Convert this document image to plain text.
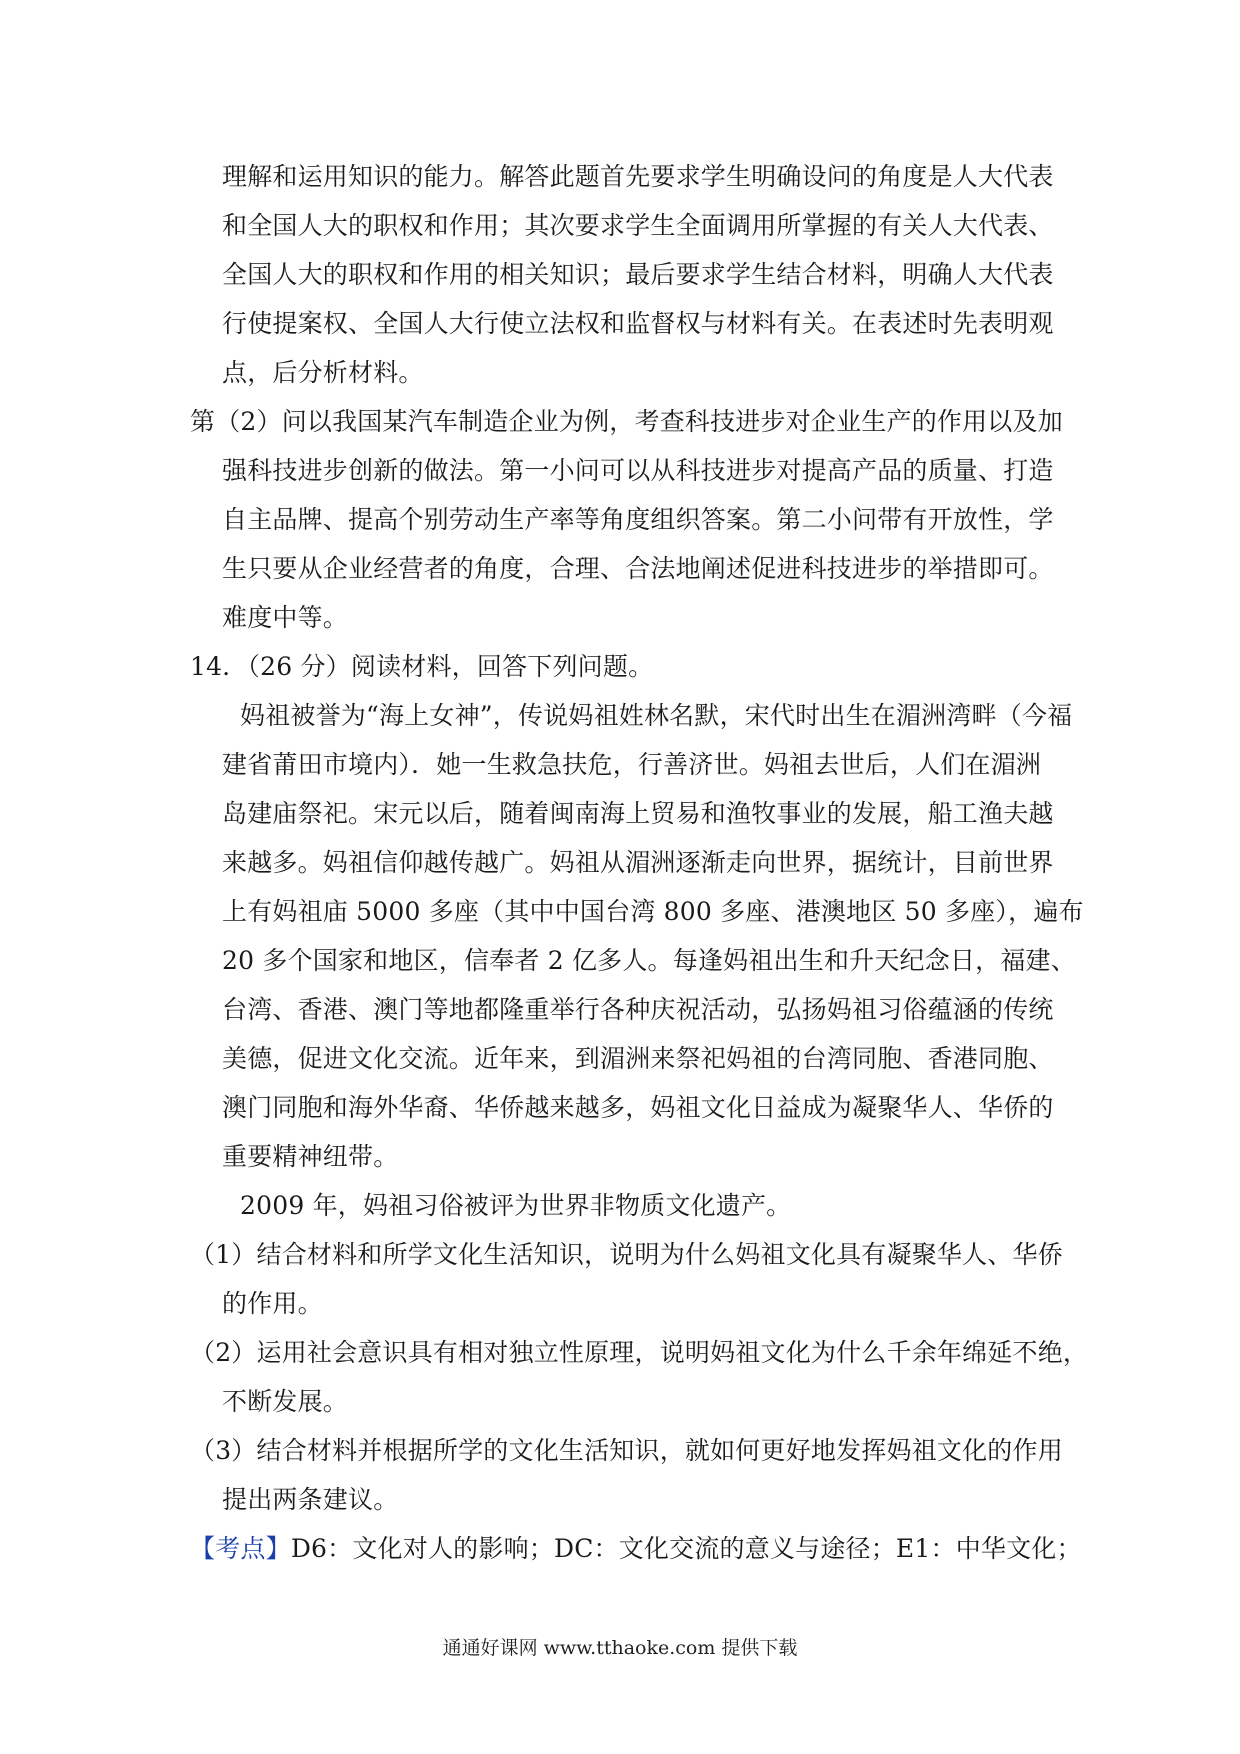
理解和运用知识的能力。解答此题首先要求学生明确设问的角度是人大代表
和全国人大的职权和作用；其次要求学生全面调用所掌握的有关人大代表、
全国人大的职权和作用的相关知识；最后要求学生结合材料，明确人大代表
行使提案权、全国人大行使立法权和监督权与材料有关。在表述时先表明观
点，后分析材料。
第（2）问以我国某汽车制造企业为例，考查科技进步对企业生产的作用以及加
强科技进步创新的做法。第一小问可以从科技进步对提高产品的质量、打造
自主品牌、提高个别劳动生产率等角度组织答案。第二小问带有开放性，学
生只要从企业经营者的角度，合理、合法地阐述促进科技进步的举措即可。
难度中等。
14．（26 分）阅读材料，回答下列问题。
妈祖被誉为“海上女神”，传说妈祖姓林名默，宋代时出生在湄洲湾畔（今福
建省莆田市境内）．她一生救急扶危，行善济世。妈祖去世后，人们在湄洲
岛建庙祭祀。宋元以后，随着闽南海上贸易和渔牧事业的发展，船工渔夫越
来越多。妈祖信仰越传越广。妈祖从湄洲逐渐走向世界，据统计，目前世界
上有妈祖庙 5000 多座（其中中国台湾 800 多座、港澳地区 50 多座），遍布
20 多个国家和地区，信奉者 2 亿多人。每逢妈祖出生和升天纪念日，福建、
台湾、香港、澳门等地都隆重举行各种庆祝活动，弘扬妈祖习俗蕴涵的传统
美德，促进文化交流。近年来，到湄洲来祭祀妈祖的台湾同胞、香港同胞、
澳门同胞和海外华裔、华侨越来越多，妈祖文化日益成为凝聚华人、华侨的
重要精神纽带。
2009 年，妈祖习俗被评为世界非物质文化遗产。
（1）结合材料和所学文化生活知识，说明为什么妈祖文化具有凝聚华人、华侨
的作用。
（2）运用社会意识具有相对独立性原理，说明妈祖文化为什么千余年绵延不绝，
不断发展。
（3）结合材料并根据所学的文化生活知识，就如何更好地发挥妈祖文化的作用
提出两条建议。
【考点】D6：文化对人的影响；DC：文化交流的意义与途径；E1：中华文化；
通通好课网 www.tthaoke.com 提供下载
